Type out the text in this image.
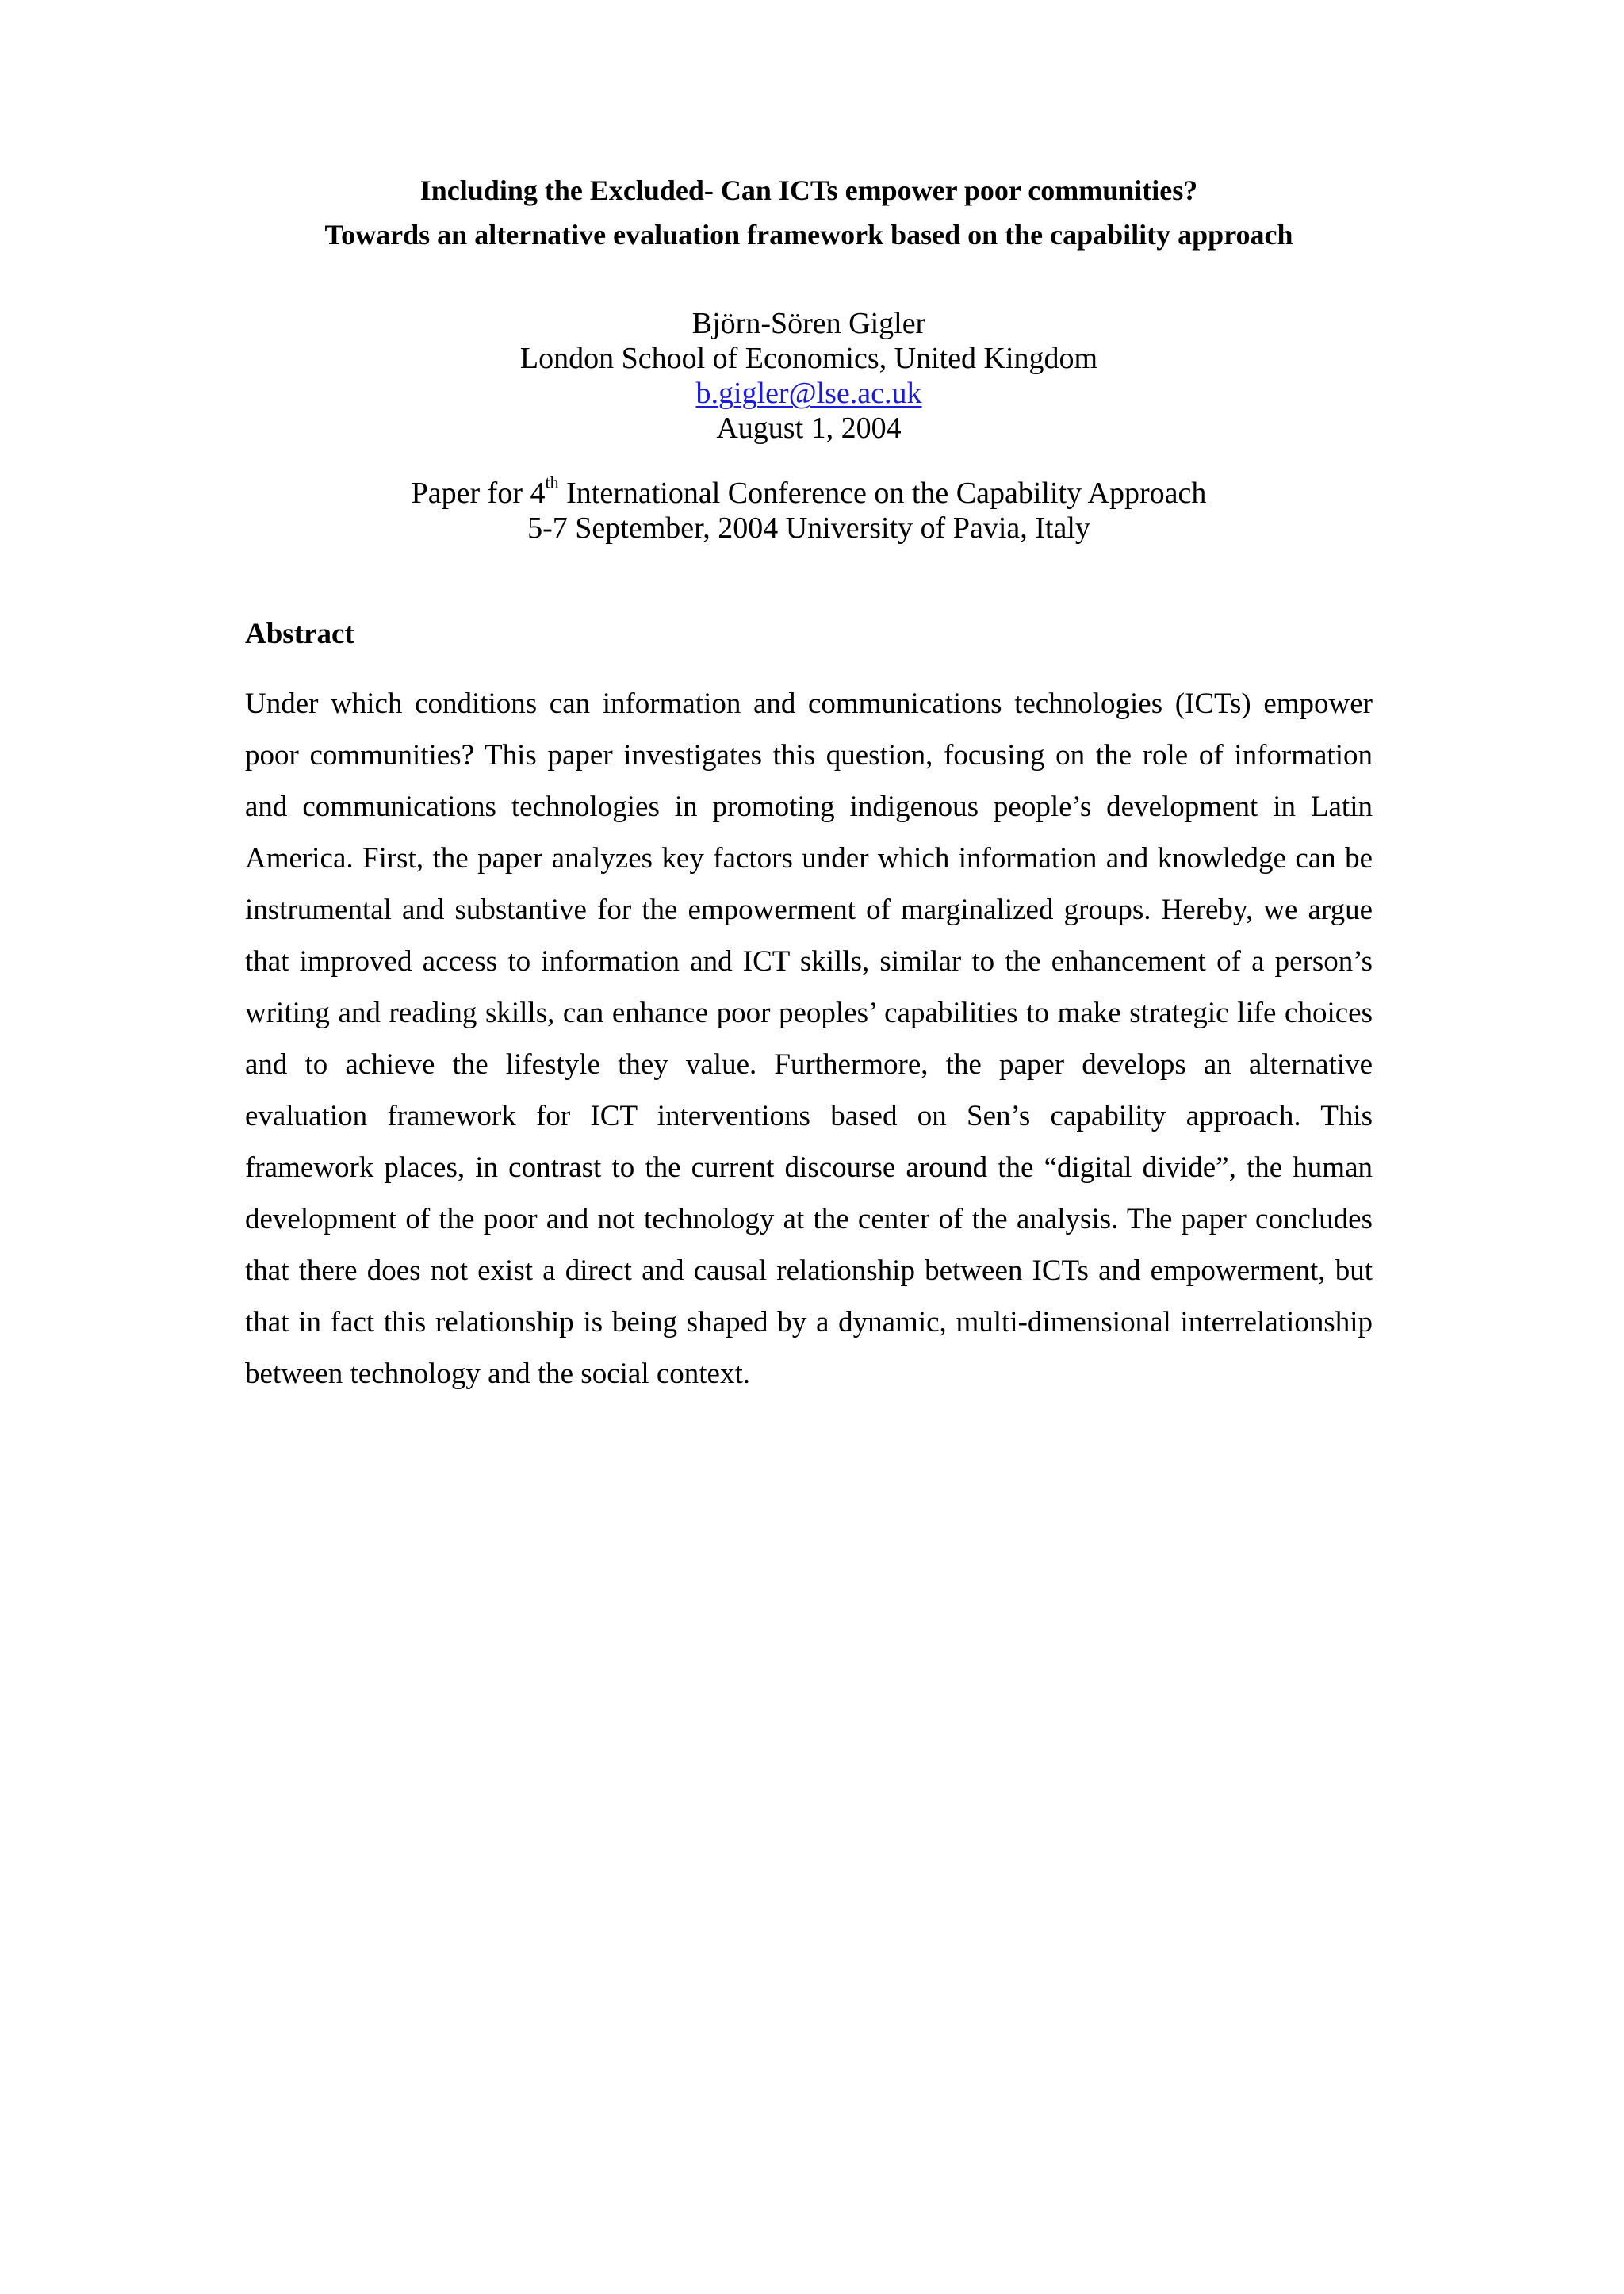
Including the Excluded- Can ICTs empower poor communities?
Towards an alternative evaluation framework based on the capability approach
Björn-Sören Gigler
London School of Economics, United Kingdom
b.gigler@lse.ac.uk
August 1, 2004
Paper for 4th International Conference on the Capability Approach
5-7 September, 2004 University of Pavia, Italy
Abstract

Under which conditions can information and communications technologies (ICTs) empower poor communities? This paper investigates this question, focusing on the role of information and communications technologies in promoting indigenous people’s development in Latin America. First, the paper analyzes key factors under which information and knowledge can be instrumental and substantive for the empowerment of marginalized groups. Hereby, we argue that improved access to information and ICT skills, similar to the enhancement of a person’s writing and reading skills, can enhance poor peoples’ capabilities to make strategic life choices and to achieve the lifestyle they value. Furthermore, the paper develops an alternative evaluation framework for ICT interventions based on Sen’s capability approach. This framework places, in contrast to the current discourse around the “digital divide”, the human development of the poor and not technology at the center of the analysis. The paper concludes that there does not exist a direct and causal relationship between ICTs and empowerment, but that in fact this relationship is being shaped by a dynamic, multi-dimensional interrelationship between technology and the social context.
